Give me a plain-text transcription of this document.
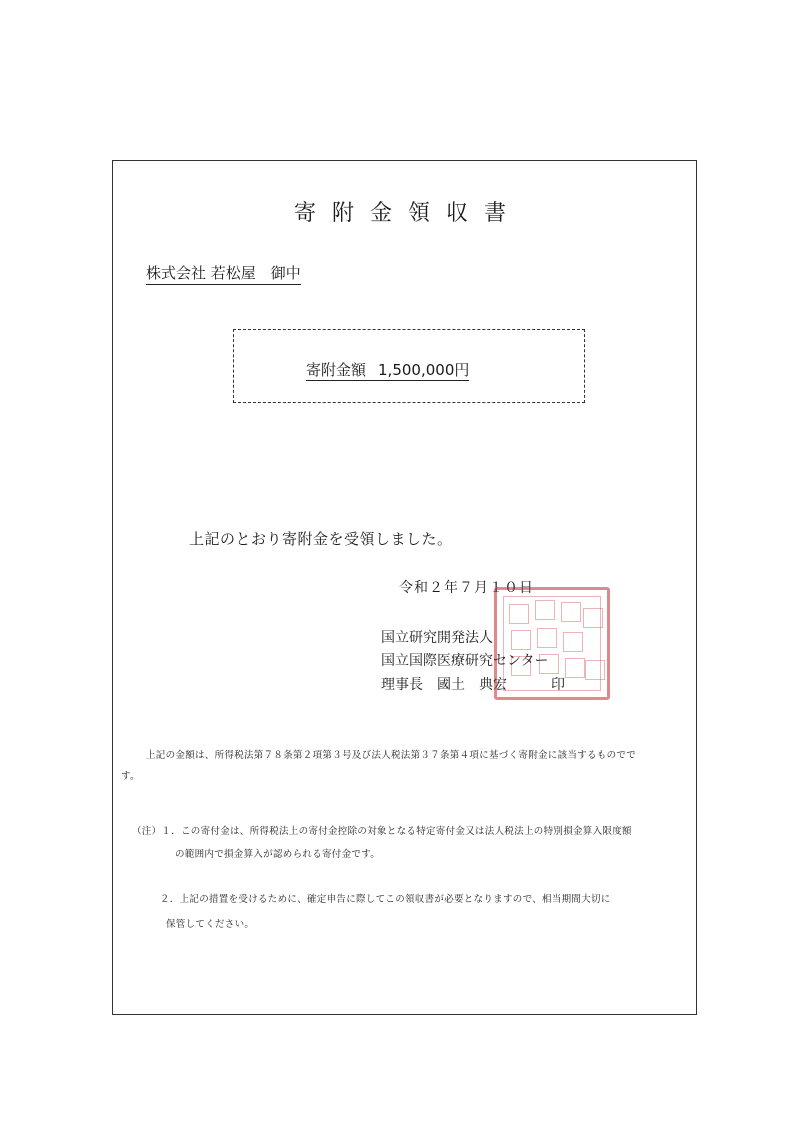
寄附金領収書
株式会社 若松屋　御中
寄附金額 1,500,000円
上記のとおり寄附金を受領しました。
令和２年７月１０日
国立研究開発法人
国立国際医療研究センター
理事長 國土　典宏	印
上記の金額は、所得税法第７８条第２項第３号及び法人税法第３７条第４項に基づく寄附金に該当するものでで
す。
（注）１．この寄付金は、所得税法上の寄付金控除の対象となる特定寄付金又は法人税法上の特別損金算入限度額
の範囲内で損金算入が認められる寄付金です。
２．上記の措置を受けるために、確定申告に際してこの領収書が必要となりますので、相当期間大切に
保管してください。
